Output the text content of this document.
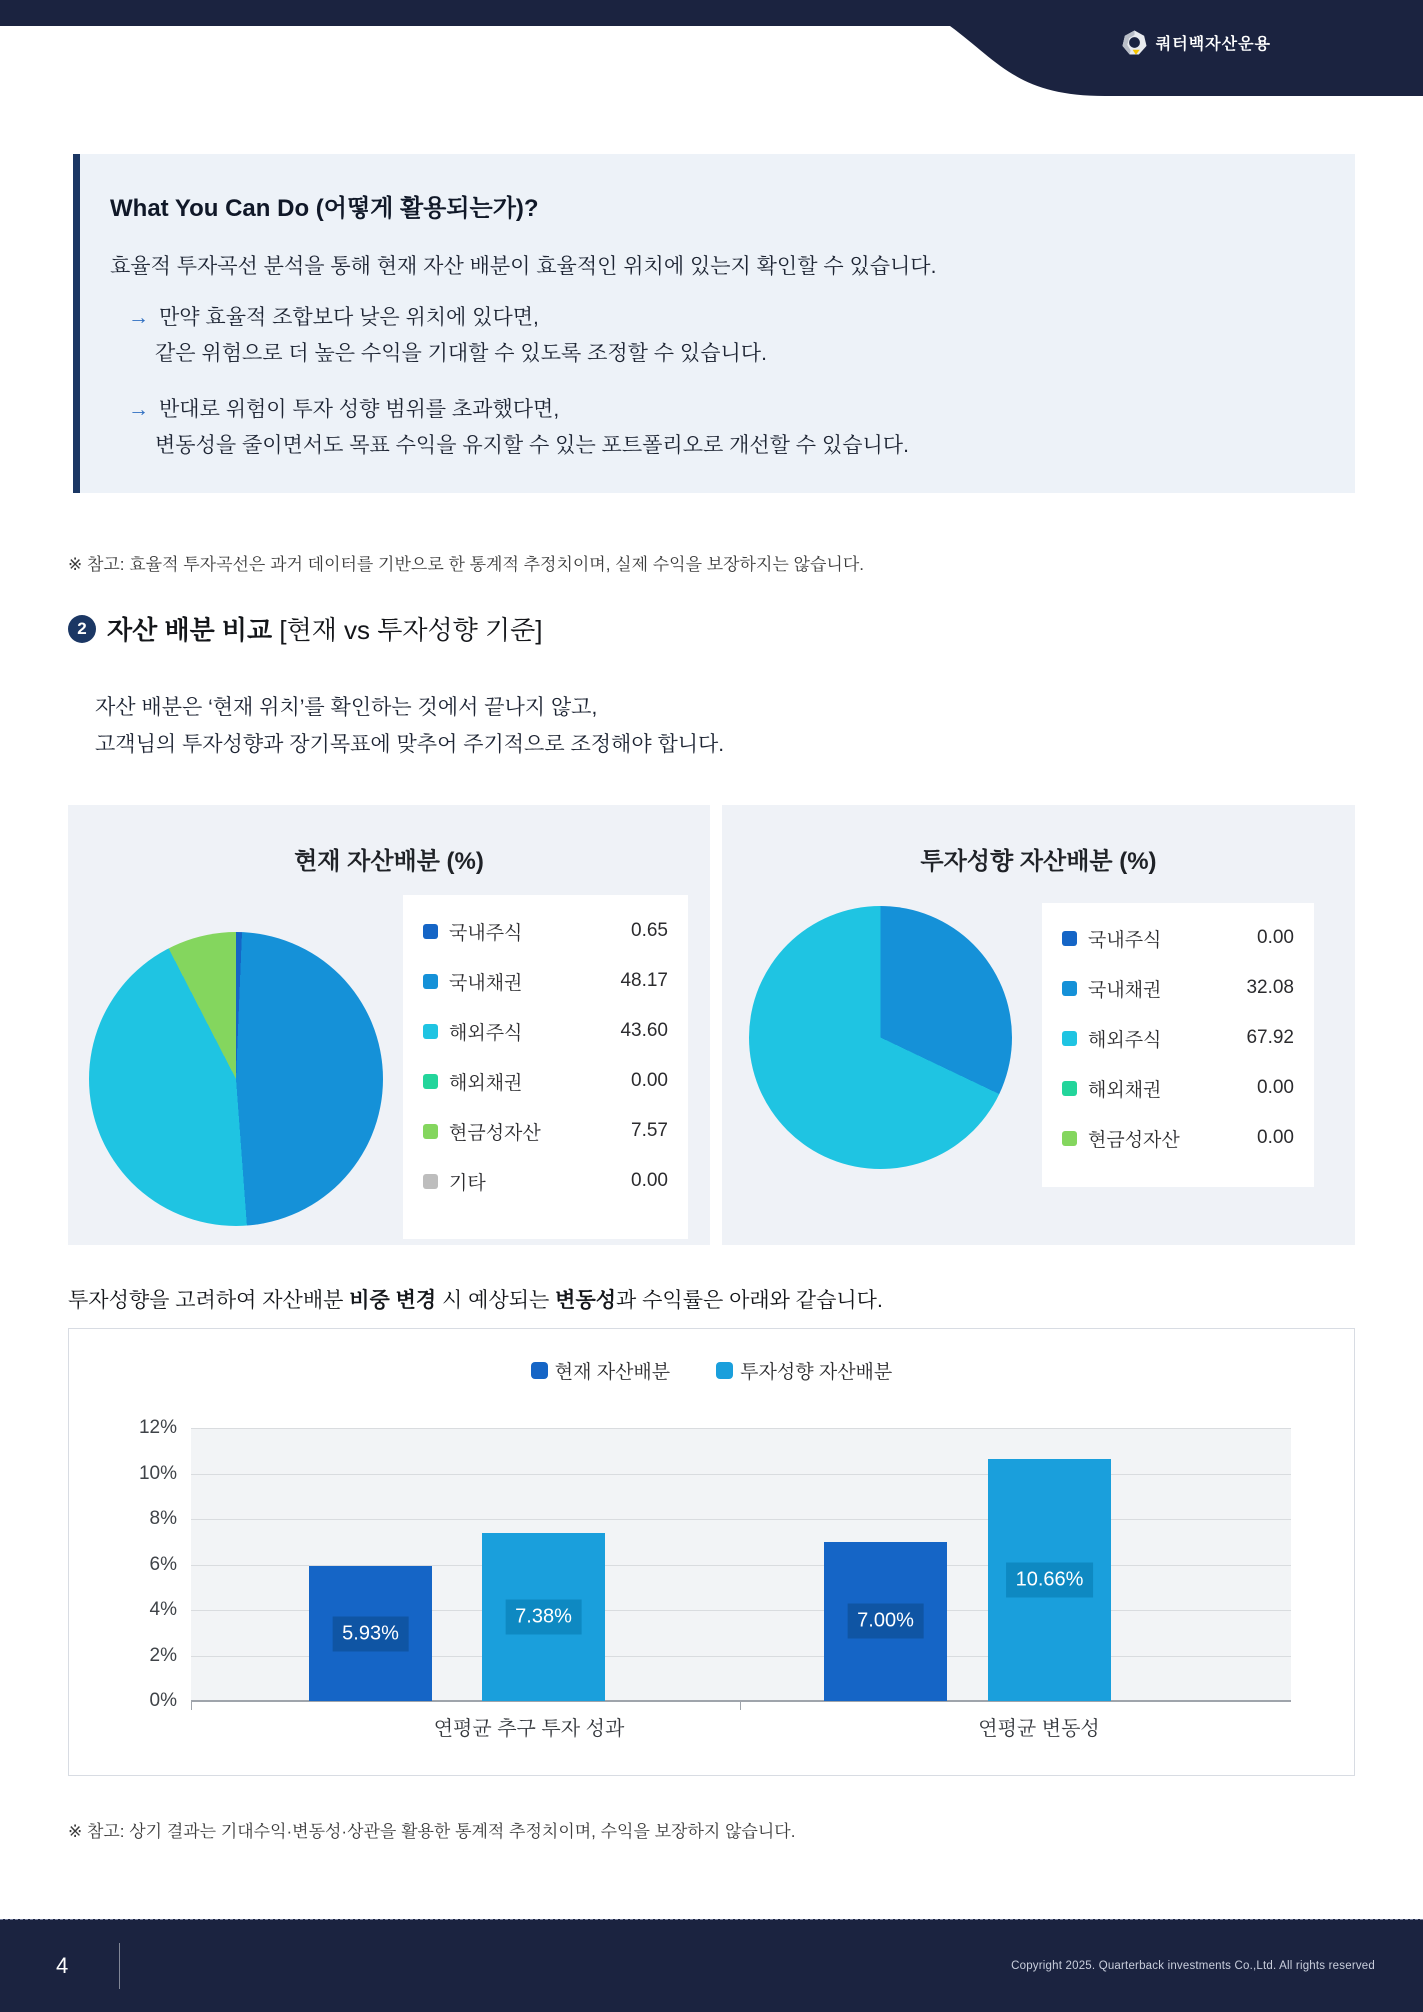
쿼터백자산운용
What You Can Do (어떻게 활용되는가)?
효율적 투자곡선 분석을 통해 현재 자산 배분이 효율적인 위치에 있는지 확인할 수 있습니다.
→ 만약 효율적 조합보다 낮은 위치에 있다면,
같은 위험으로 더 높은 수익을 기대할 수 있도록 조정할 수 있습니다.
→ 반대로 위험이 투자 성향 범위를 초과했다면,
변동성을 줄이면서도 목표 수익을 유지할 수 있는 포트폴리오로 개선할 수 있습니다.

※ 참고: 효율적 투자곡선은 과거 데이터를 기반으로 한 통계적 추정치이며, 실제 수익을 보장하지는 않습니다.

2 자산 배분 비교 [현재 vs 투자성향 기준]

자산 배분은 ‘현재 위치’를 확인하는 것에서 끝나지 않고,
고객님의 투자성향과 장기목표에 맞추어 주기적으로 조정해야 합니다.

현재 자산배분 (%)
국내주식	0.65
국내채권	48.17
해외주식	43.60
해외채권	0.00
현금성자산	7.57
기타	0.00
투자성향 자산배분 (%)
국내주식	0.00
국내채권	32.08
해외주식	67.92
해외채권	0.00
현금성자산	0.00

투자성향을 고려하여 자산배분 비중 변경 시 예상되는 변동성과 수익률은 아래와 같습니다.

현재 자산배분	투자성향 자산배분
12%
10%
8%
6%
4%
2%
0%
5.93%
7.38%	7.00%
10.66%
연평균 추구 투자 성과	연평균 변동성

※ 참고: 상기 결과는 기대수익·변동성·상관을 활용한 통계적 추정치이며, 수익을 보장하지 않습니다.

4	Copyright 2025. Quarterback investments Co.,Ltd. All rights reserved
